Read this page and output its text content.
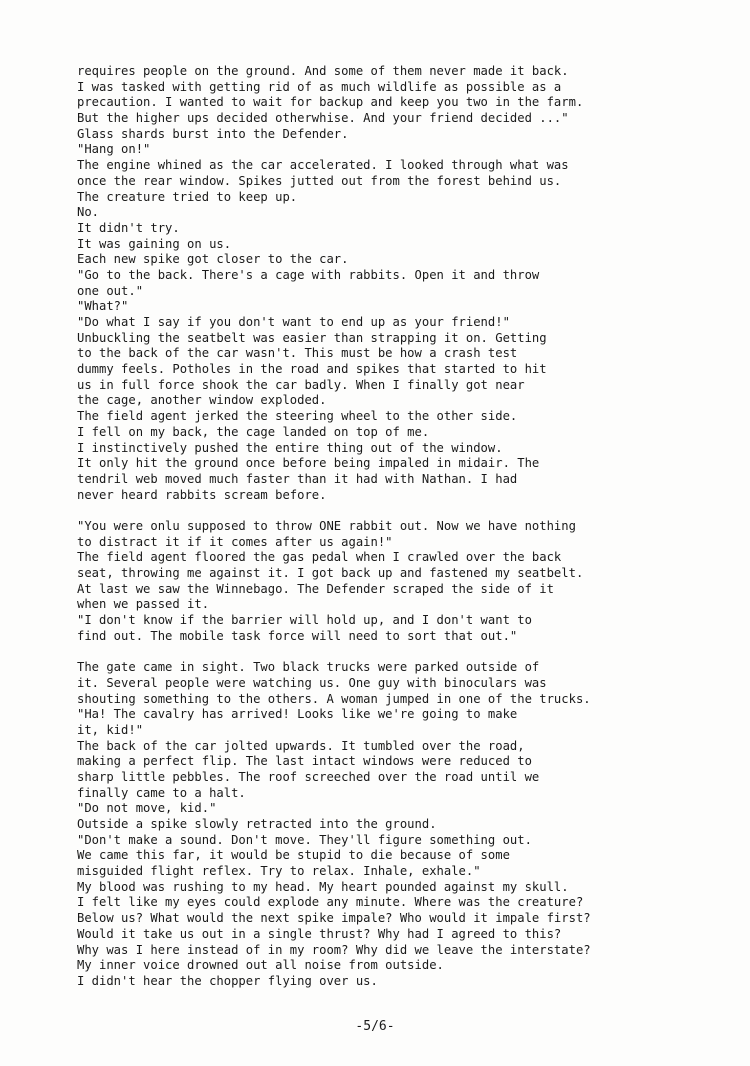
requires people on the ground. And some of them never made it back.
I was tasked with getting rid of as much wildlife as possible as a
precaution. I wanted to wait for backup and keep you two in the farm.
But the higher ups decided otherwhise. And your friend decided ..."
Glass shards burst into the Defender.
"Hang on!"
The engine whined as the car accelerated. I looked through what was
once the rear window. Spikes jutted out from the forest behind us.
The creature tried to keep up.
No.
It didn't try.
It was gaining on us.
Each new spike got closer to the car.
"Go to the back. There's a cage with rabbits. Open it and throw
one out."
"What?"
"Do what I say if you don't want to end up as your friend!"
Unbuckling the seatbelt was easier than strapping it on. Getting
to the back of the car wasn't. This must be how a crash test
dummy feels. Potholes in the road and spikes that started to hit
us in full force shook the car badly. When I finally got near
the cage, another window exploded.
The field agent jerked the steering wheel to the other side.
I fell on my back, the cage landed on top of me.
I instinctively pushed the entire thing out of the window.
It only hit the ground once before being impaled in midair. The
tendril web moved much faster than it had with Nathan. I had
never heard rabbits scream before.
"You were onlu supposed to throw ONE rabbit out. Now we have nothing
to distract it if it comes after us again!"
The field agent floored the gas pedal when I crawled over the back
seat, throwing me against it. I got back up and fastened my seatbelt.
At last we saw the Winnebago. The Defender scraped the side of it
when we passed it.
"I don't know if the barrier will hold up, and I don't want to
find out. The mobile task force will need to sort that out."
The gate came in sight. Two black trucks were parked outside of
it. Several people were watching us. One guy with binoculars was
shouting something to the others. A woman jumped in one of the trucks.
"Ha! The cavalry has arrived! Looks like we're going to make
it, kid!"
The back of the car jolted upwards. It tumbled over the road,
making a perfect flip. The last intact windows were reduced to
sharp little pebbles. The roof screeched over the road until we
finally came to a halt.
"Do not move, kid."
Outside a spike slowly retracted into the ground.
"Don't make a sound. Don't move. They'll figure something out.
We came this far, it would be stupid to die because of some
misguided flight reflex. Try to relax. Inhale, exhale."
My blood was rushing to my head. My heart pounded against my skull.
I felt like my eyes could explode any minute. Where was the creature?
Below us? What would the next spike impale? Who would it impale first?
Would it take us out in a single thrust? Why had I agreed to this?
Why was I here instead of in my room? Why did we leave the interstate?
My inner voice drowned out all noise from outside.
I didn't hear the chopper flying over us.
-5/6-
